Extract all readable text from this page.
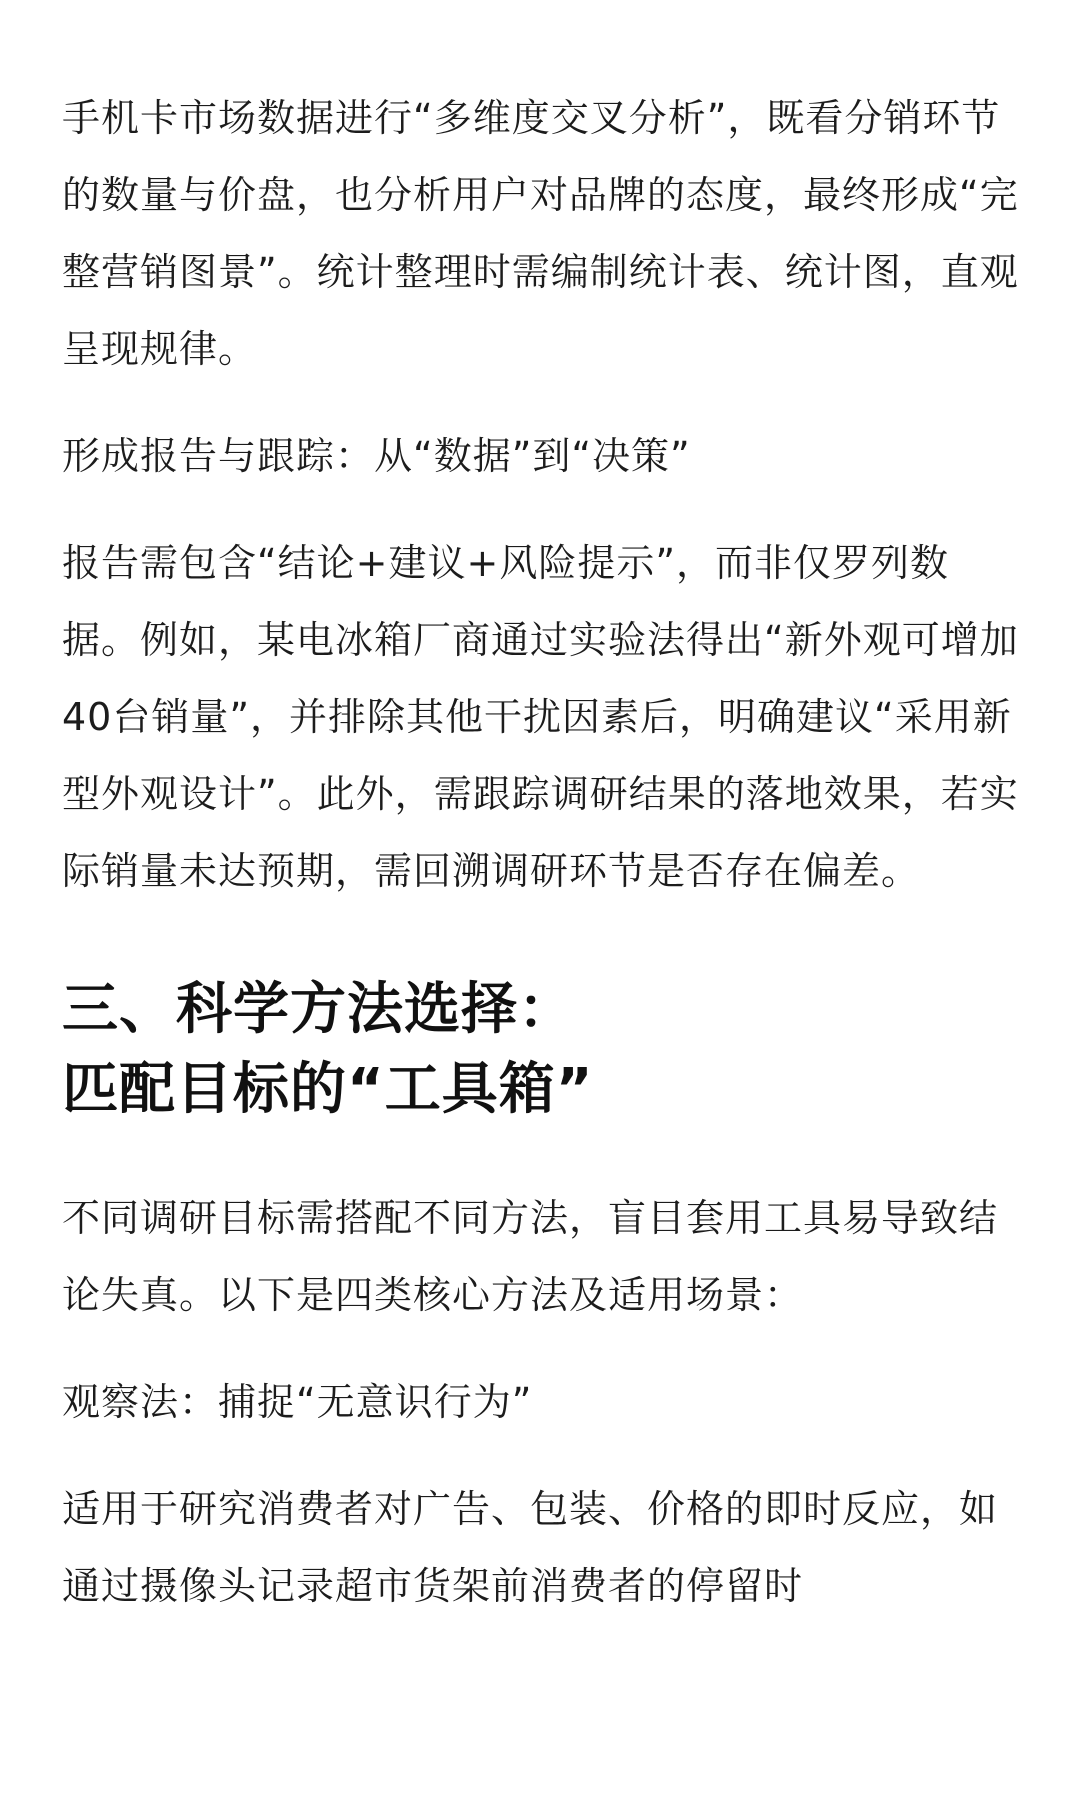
手机卡市场数据进行“多维度交叉分析”，既看分销环节的数量与价盘，也分析用户对品牌的态度，最终形成“完整营销图景”。统计整理时需编制统计表、统计图，直观呈现规律。

形成报告与跟踪：从“数据”到“决策”

报告需包含“结论+建议+风险提示”，而非仅罗列数据。例如，某电冰箱厂商通过实验法得出“新外观可增加40台销量”，并排除其他干扰因素后，明确建议“采用新型外观设计”。此外，需跟踪调研结果的落地效果，若实际销量未达预期，需回溯调研环节是否存在偏差。

三、科学方法选择：
匹配目标的“工具箱”

不同调研目标需搭配不同方法，盲目套用工具易导致结论失真。以下是四类核心方法及适用场景：

观察法：捕捉“无意识行为”

适用于研究消费者对广告、包装、价格的即时反应，如通过摄像头记录超市货架前消费者的停留时
